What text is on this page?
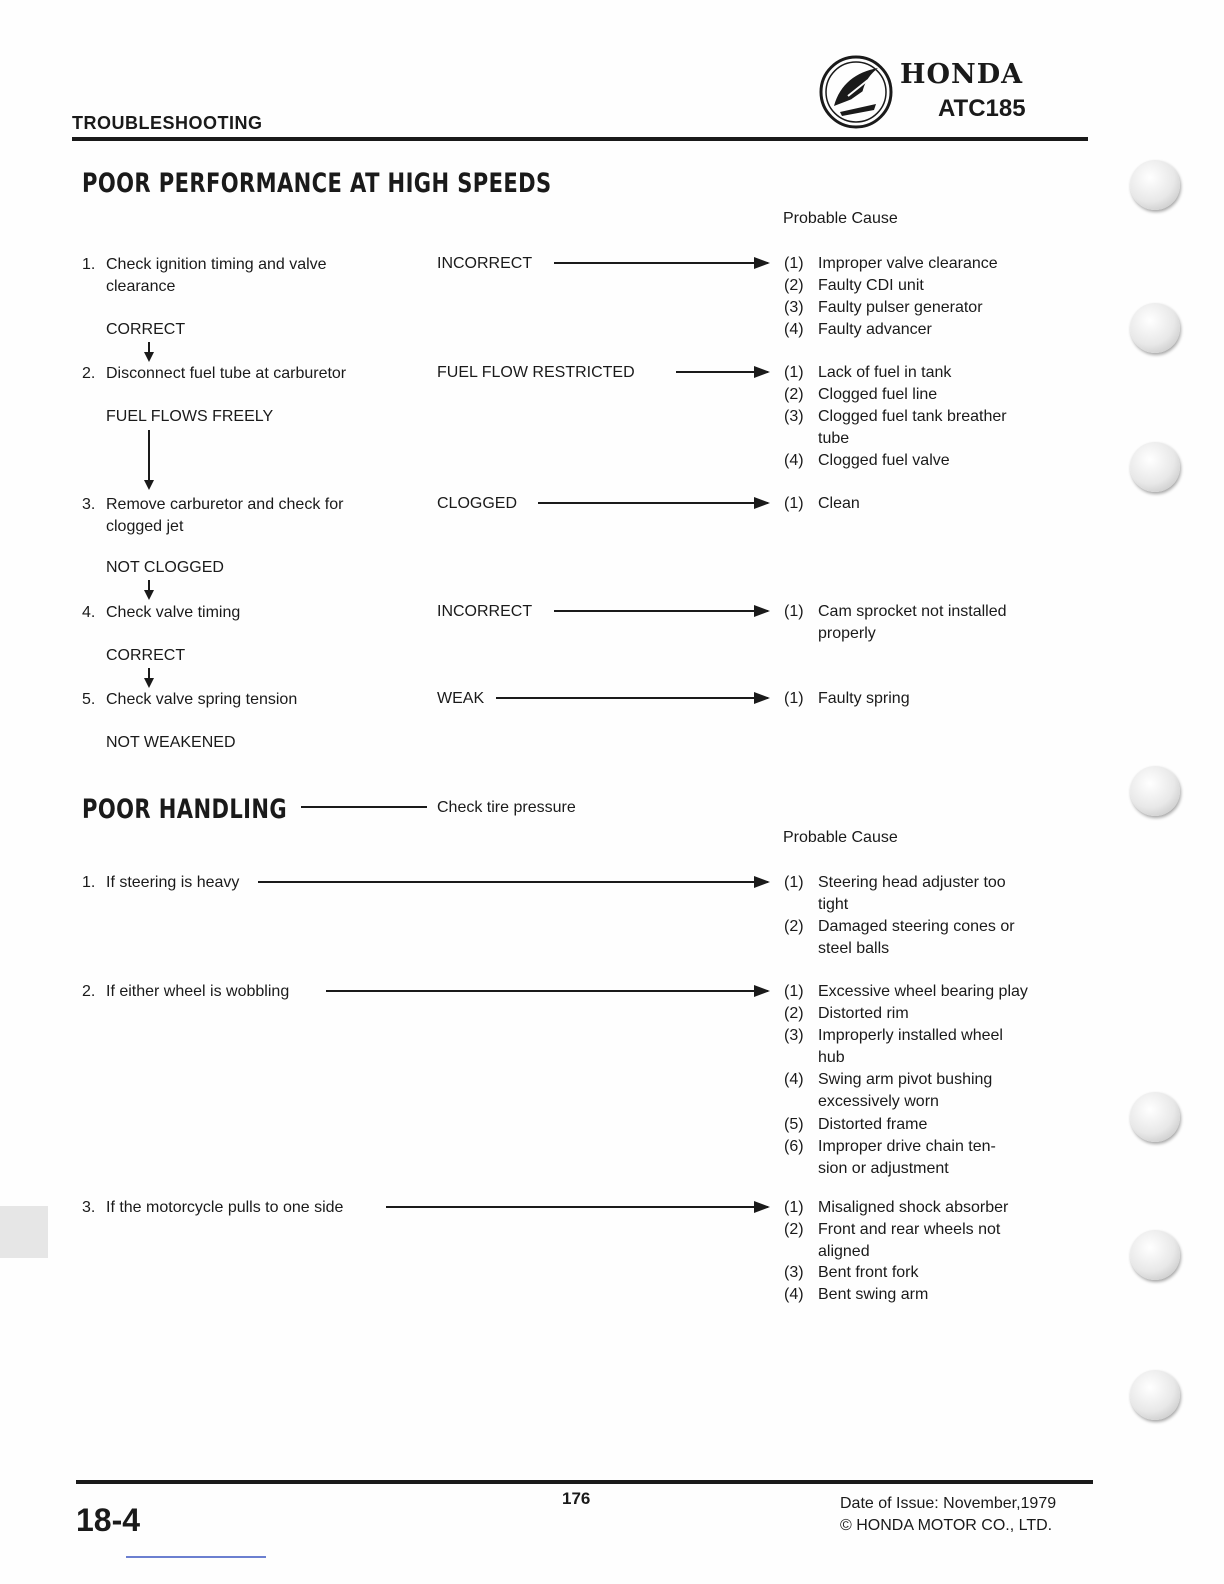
TROUBLESHOOTING
HONDA
ATC185
POOR PERFORMANCE AT HIGH SPEEDS
Probable Cause
1. Check ignition timing and valve
clearance
INCORRECT	(1) Improper valve clearance
(2) Faulty CDI unit
(3) Faulty pulser generator
(4) Faulty advancer
CORRECT
2. Disconnect fuel tube at carburetor	FUEL FLOW RESTRICTED	(1) Lack of fuel in tank
(2) Clogged fuel line
(3) Clogged fuel tank breather
tube
(4) Clogged fuel valve
FUEL FLOWS FREELY
3. Remove carburetor and check for
clogged jet
CLOGGED	(1) Clean
NOT CLOGGED
4. Check valve timing	INCORRECT	(1) Cam sprocket not installed
properly
CORRECT
5. Check valve spring tension	WEAK	(1) Faulty spring
NOT WEAKENED
POOR HANDLING	Check tire pressure
Probable Cause
1. If steering is heavy	(1) Steering head adjuster too
tight
(2) Damaged steering cones or
steel balls
2. If either wheel is wobbling	(1) Excessive wheel bearing play
(2) Distorted rim
(3) Improperly installed wheel
hub
(4) Swing arm pivot bushing
excessively worn
(5) Distorted frame
(6) Improper drive chain ten-
sion or adjustment
3. If the motorcycle pulls to one side	(1) Misaligned shock absorber
(2) Front and rear wheels not
aligned
(3) Bent front fork
(4) Bent swing arm
18-4
176	Date of Issue: November,1979
© HONDA MOTOR CO., LTD.
